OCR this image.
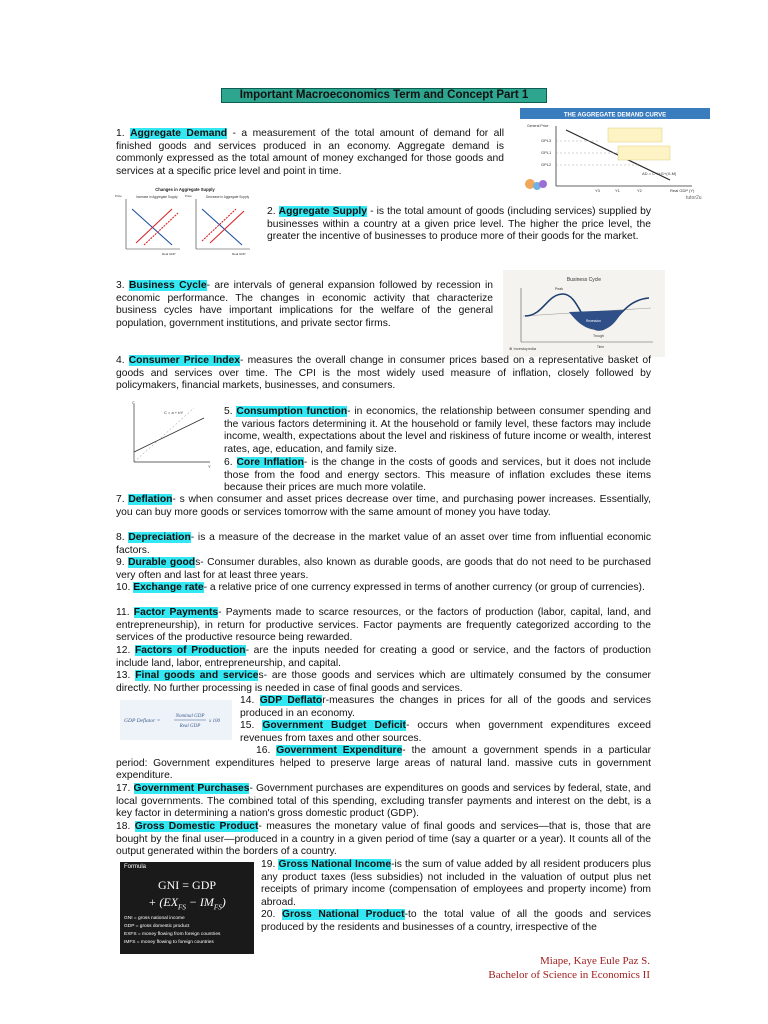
Important Macroeconomics Term and Concept Part 1
THE AGGREGATE DEMAND CURVE
General Price
GPL3
GPL1
GPL2
Y3	Y1	Y2	Real GDP (Y)
AD = C+I+G+(X-M)
tutor2u

1. Aggregate Demand - a measurement of the total amount of demand for all finished goods and services produced in an economy. Aggregate demand is commonly expressed as the total amount of money exchanged for those goods and services at a specific price level and point in time.

Changes in Aggregate Supply
Increase in Aggregate Supply	Decrease in Aggregate Supply
Price	Price
Real GDP	Real GDP

2. Aggregate Supply - is the total amount of goods (including services) supplied by businesses within a country at a given price level. The higher the price level, the greater the incentive of businesses to produce more of their goods for the market.

Business Cycle
Peak
Trough
Recession
Time
⊗ Investopedia

3. Business Cycle- are intervals of general expansion followed by recession in economic performance. The changes in economic activity that characterize business cycles have important implications for the welfare of the general population, government institutions, and private sector firms.

4. Consumer Price Index- measures the overall change in consumer prices based on a representative basket of goods and services over time. The CPI is the most widely used measure of inflation, closely followed by policymakers, financial markets, businesses, and consumers.

C
Y
C = a + bY	5. Consumption function- in economics, the relationship between consumer spending and the various factors determining it. At the household or family level, these factors may include income, wealth, expectations about the level and riskiness of future income or wealth, interest rates, age, education, and family size.

6. Core Inflation- is the change in the costs of goods and services, but it does not include those from the food and energy sectors. This measure of inflation excludes these items because their prices are much more volatile.

7. Deflation- s when consumer and asset prices decrease over time, and purchasing power increases. Essentially, you can buy more goods or services tomorrow with the same amount of money you have today.

8. Depreciation- is a measure of the decrease in the market value of an asset over time from influential economic factors.

9. Durable goods- Consumer durables, also known as durable goods, are goods that do not need to be purchased very often and last for at least three years.

10. Exchange rate- a relative price of one currency expressed in terms of another currency (or group of currencies).

11. Factor Payments- Payments made to scarce resources, or the factors of production (labor, capital, land, and entrepreneurship), in return for productive services. Factor payments are frequently categorized according to the services of the productive resource being rewarded.

12. Factors of Production- are the inputs needed for creating a good or service, and the factors of production include land, labor, entrepreneurship, and capital.

13. Final goods and services- are those goods and services which are ultimately consumed by the consumer directly. No further processing is needed in case of final goods and services.

GDP Deflator =
Nominal GDP
Real GDP
x 100

14. GDP Deflator-measures the changes in prices for all of the goods and services produced in an economy.

15. Government Budget Deficit- occurs when government expenditures exceed revenues from taxes and other sources.

16. Government Expenditure- the amount a government spends in a particular period: Government expenditures helped to preserve large areas of natural land. massive cuts in government expenditure.

17. Government Purchases- Government purchases are expenditures on goods and services by federal, state, and local governments. The combined total of this spending, excluding transfer payments and interest on the debt, is a key factor in determining a nation's gross domestic product (GDP).

18. Gross Domestic Product- measures the monetary value of final goods and services—that is, those that are bought by the final user—produced in a country in a given period of time (say a quarter or a year). It counts all of the output generated within the borders of a country.

Formula
GNI = GDP
+ $(EX_{FS} - IM_{FS})$
GNI = gross national income
GDP = gross domestic product
EXFS = money flowing from foreign countries
IMFS = money flowing to foreign countries

19. Gross National Income-is the sum of value added by all resident producers plus any product taxes (less subsidies) not included in the valuation of output plus net receipts of primary income (compensation of employees and property income) from abroad.

20. Gross National Product-to the total value of all the goods and services produced by the residents and businesses of a country, irrespective of the

Miape, Kaye Eule Paz S.
Bachelor of Science in Economics II
